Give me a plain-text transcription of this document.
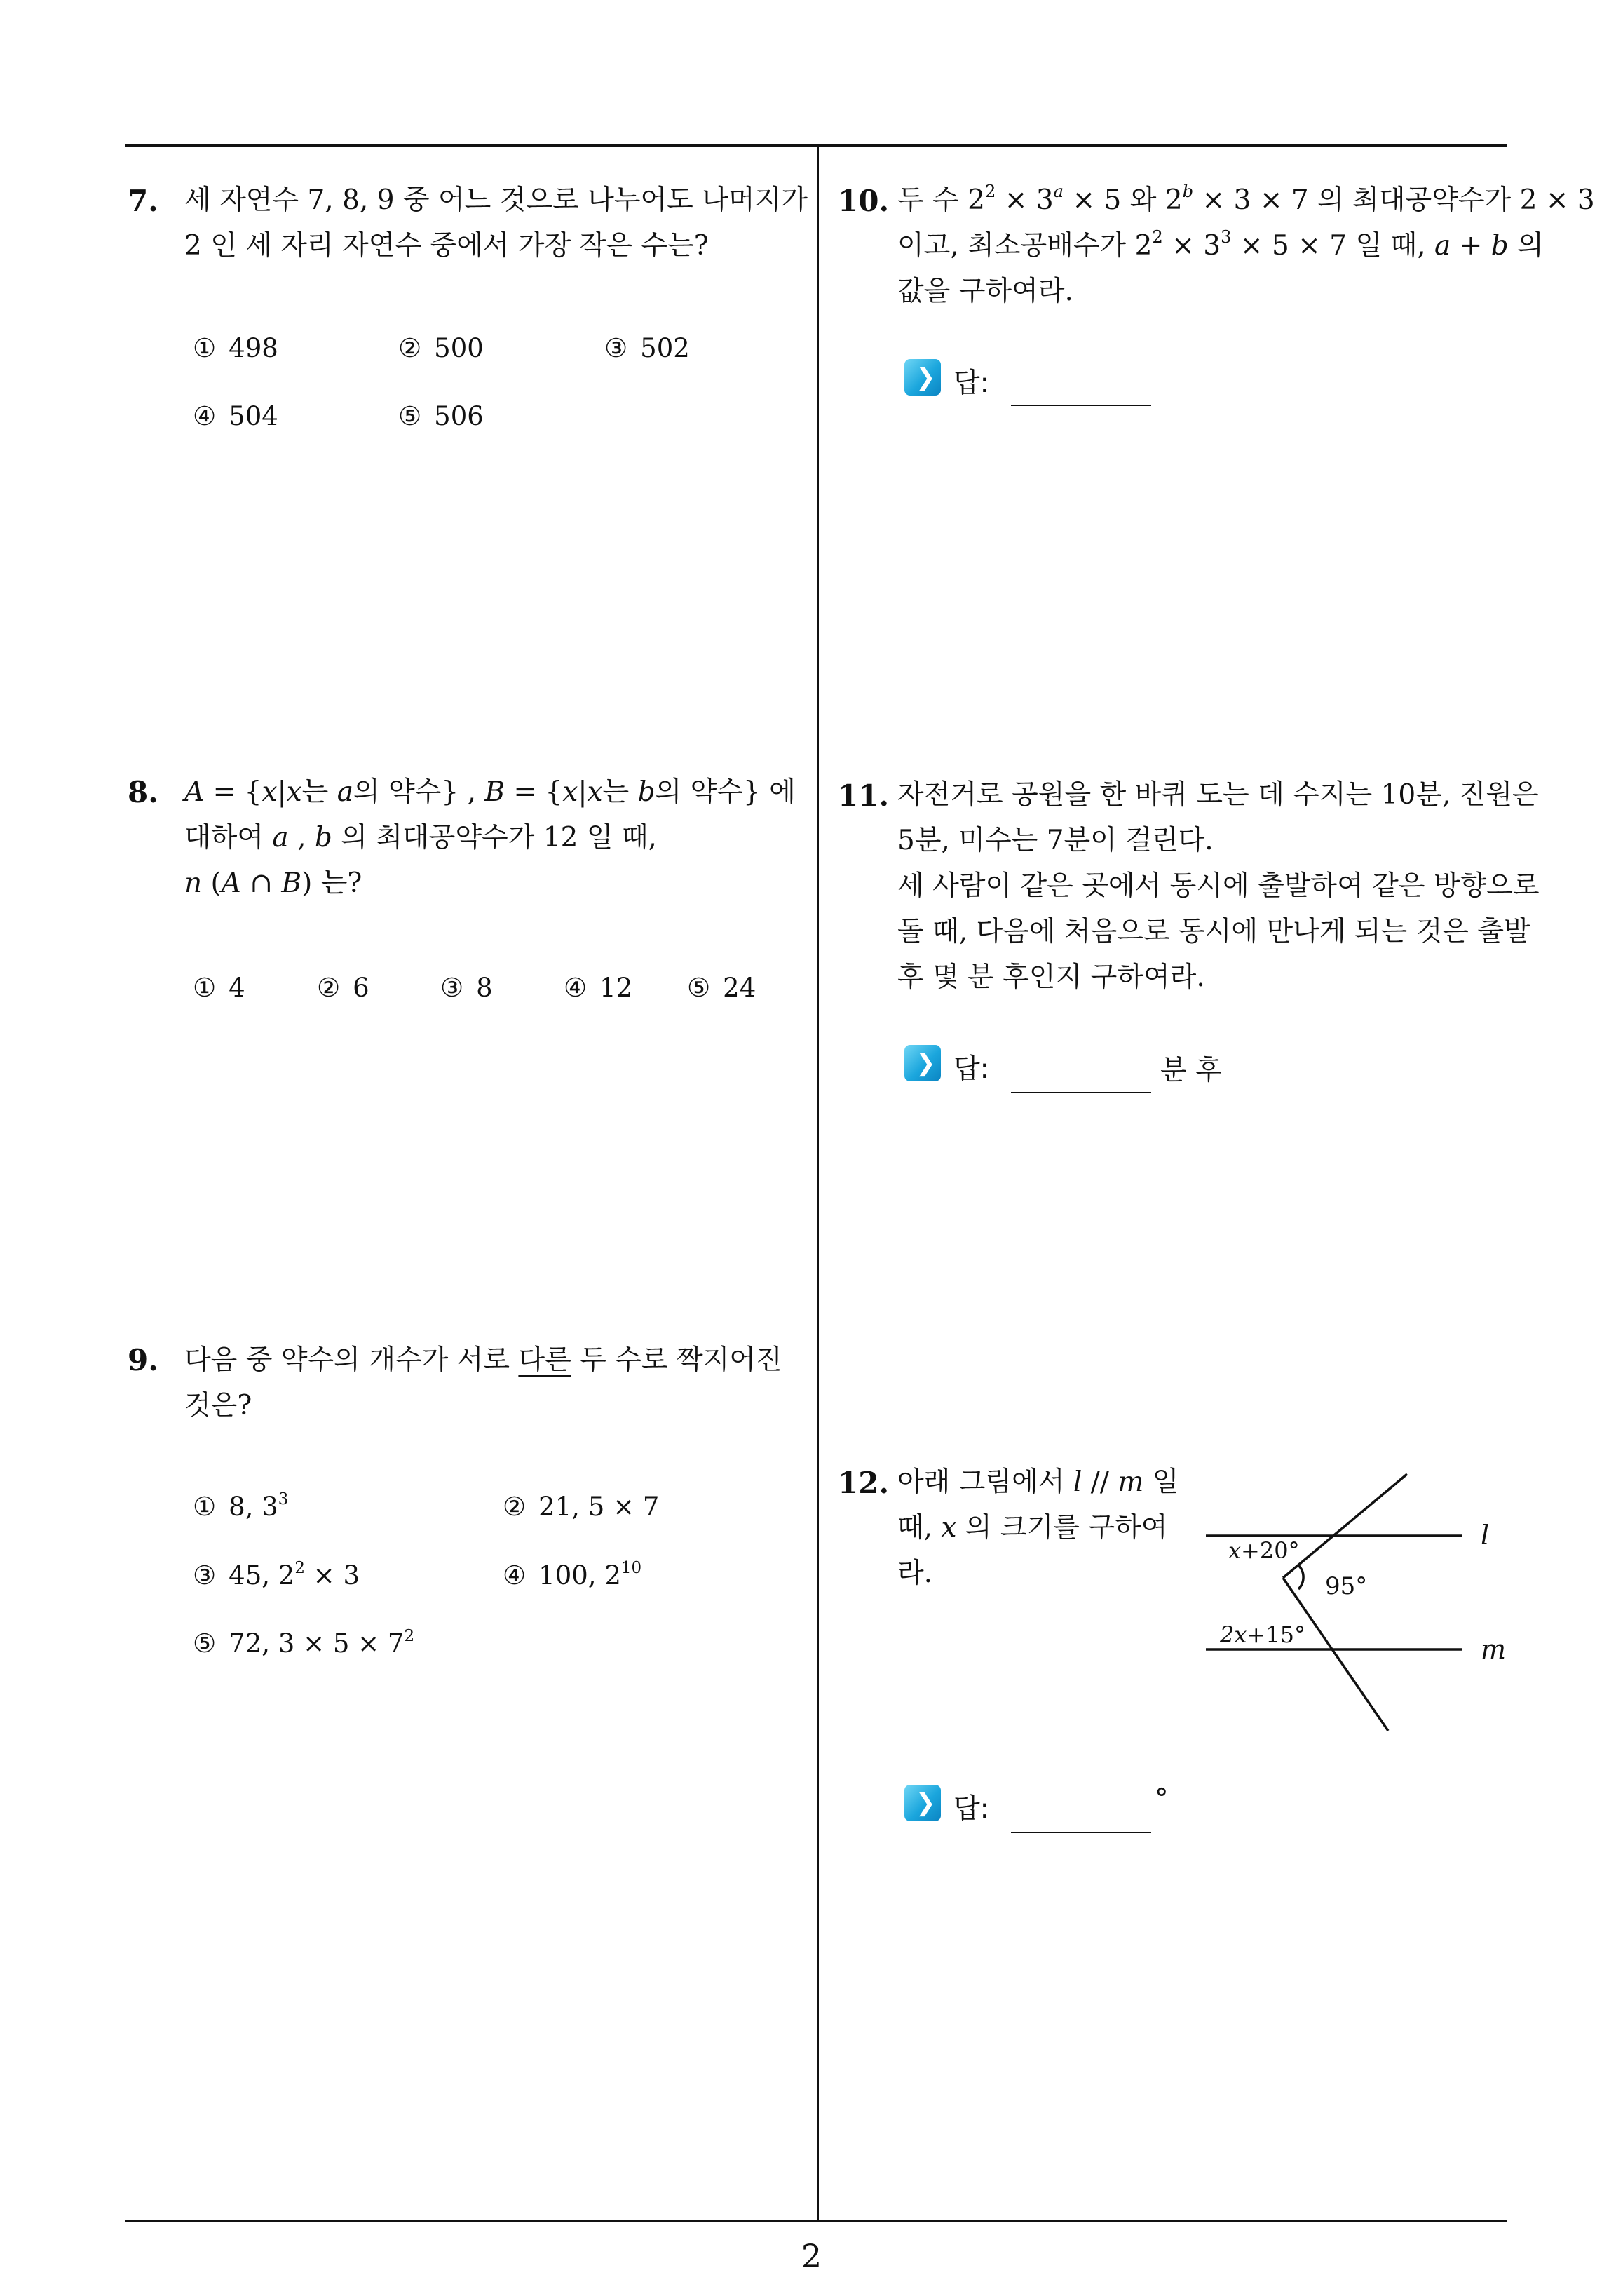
7. 세 자연수 7, 8, 9 중 어느 것으로 나누어도 나머지가
2 인 세 자리 자연수 중에서 가장 작은 수는?
① 498	② 500	③ 502
④ 504	⑤ 506
8. A = {x|x는 a의 약수} , B = {x|x는 b의 약수} 에
대하여 a , b 의 최대공약수가 12 일 때,
n (A ∩ B) 는?
① 4	② 6	③ 8	④ 12 ⑤ 24
9. 다음 중 약수의 개수가 서로 다른 두 수로 짝지어진
것은?
① 8, $3^3$	② 21, 5 × 7
③ 45, $2^2 \times 3$	④ 100, $2^{10}$
⑤ 72, $3 \times 5 \times 7^2$
10. 두 수 $2^2 \times 3^a \times 5$ 와 $2^b \times 3 \times 7$ 의 최대공약수가 2 × 3
이고, 최소공배수가 $2^2 \times 3^3 \times 5 \times 7$ 일 때, a + b 의
값을 구하여라.
❯ 답:
11. 자전거로 공원을 한 바퀴 도는 데 수지는 10분, 진원은
5분, 미수는 7분이 걸린다.
세 사람이 같은 곳에서 동시에 출발하여 같은 방향으로
돌 때, 다음에 처음으로 동시에 만나게 되는 것은 출발
후 몇 분 후인지 구하여라.
❯ 답:	분 후
12. 아래 그림에서 l // m 일
때, x 의 크기를 구하여
라.
l
m
x+20°
95°
2x+15°
❯ 답:	°
2
